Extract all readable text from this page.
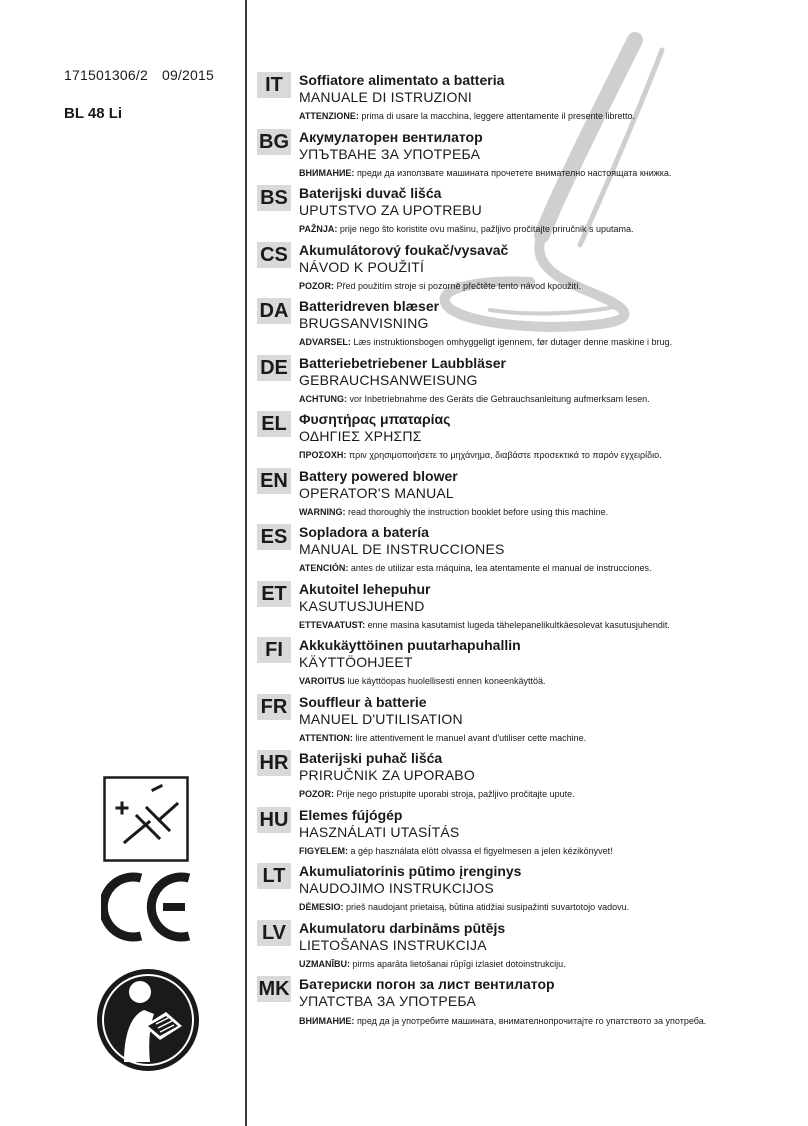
171501306/2 09/2015
BL 48 Li
IT	Soffiatore alimentato a batteria
MANUALE DI ISTRUZIONI
ATTENZIONE: prima di usare la macchina, leggere attentamente il presente libretto.
BG Акумулаторен вентилатор
УПЪТВАНЕ ЗА УПОТРЕБА
ВНИМАНИЕ: преди да използвате машината прочетете внимателно настоящата книжка.
BS Baterijski duvač lišća
UPUTSTVO ZA UPOTREBU
PAŽNJA: prije nego što koristite ovu mašinu, pažljivo pročitajte priručnik s uputama.
CS Akumulátorový foukač/vysavač
NÁVOD K POUŽITÍ
POZOR: Před použitím stroje si pozorně přečtěte tento návod kpoužití.
DA Batteridreven blæser
BRUGSANVISNING
ADVARSEL: Læs instruktionsbogen omhyggeligt igennem, før dutager denne maskine i brug.
DE Batteriebetriebener Laubbläser
GEBRAUCHSANWEISUNG
ACHTUNG: vor Inbetriebnahme des Geräts die Gebrauchsanleitung aufmerksam lesen.
EL Φυσητήρας μπαταρίας
ΟΔΗΓΙΕΣ ΧΡΗΣΠΣ
ΠΡΟΣΟΧΗ: πριν χρησιμοποιήσετε το μηχάνημα, διαβάστε προσεκτικά το παρόν εγχειρίδιο.
EN Battery powered blower
OPERATOR'S MANUAL
WARNING: read thoroughly the instruction booklet before using this machine.
ES Sopladora a batería
MANUAL DE INSTRUCCIONES
ATENCIÓN: antes de utilizar esta máquina, lea atentamente el manual de instrucciones.
ET Akutoitel lehepuhur
KASUTUSJUHEND
ETTEVAATUST: enne masina kasutamist lugeda tähelepanelikultkäesolevat kasutusjuhendit.
FI	Akkukäyttöinen puutarhapuhallin
KÄYTTÖOHJEET
VAROITUS lue käyttöopas huolellisesti ennen koneenkäyttöä.
FR Souffleur à batterie
MANUEL D'UTILISATION
ATTENTION: lire attentivement le manuel avant d'utiliser cette machine.
HR Baterijski puhač lišća
PRIRUČNIK ZA UPORABO
POZOR: Prije nego pristupite uporabi stroja, pažljivo pročitajte upute.
HU Elemes fújógép
HASZNÁLATI UTASÍTÁS
FIGYELEM: a gép használata elött olvassa el figyelmesen a jelen kézikönyvet!
LT Akumuliatorinis pūtimo įrenginys
NAUDOJIMO INSTRUKCIJOS
DĖMESIO: prieš naudojant prietaisą, būtina atidžiai susipažinti suvartotojo vadovu.
LV Akumulatoru darbināms pūtējs
LIETOŠANAS INSTRUKCIJA
UZMANĪBU: pirms aparāta lietošanai rūpīgi izlasiet dotoinstrukciju.
MK Батериски погон за лист вентилатор
УПАТСТВА ЗА УПОТРЕБА
ВНИМАНИЕ: пред да ја употребите машината, внимателнопрочитајте го упатството за употреба.
